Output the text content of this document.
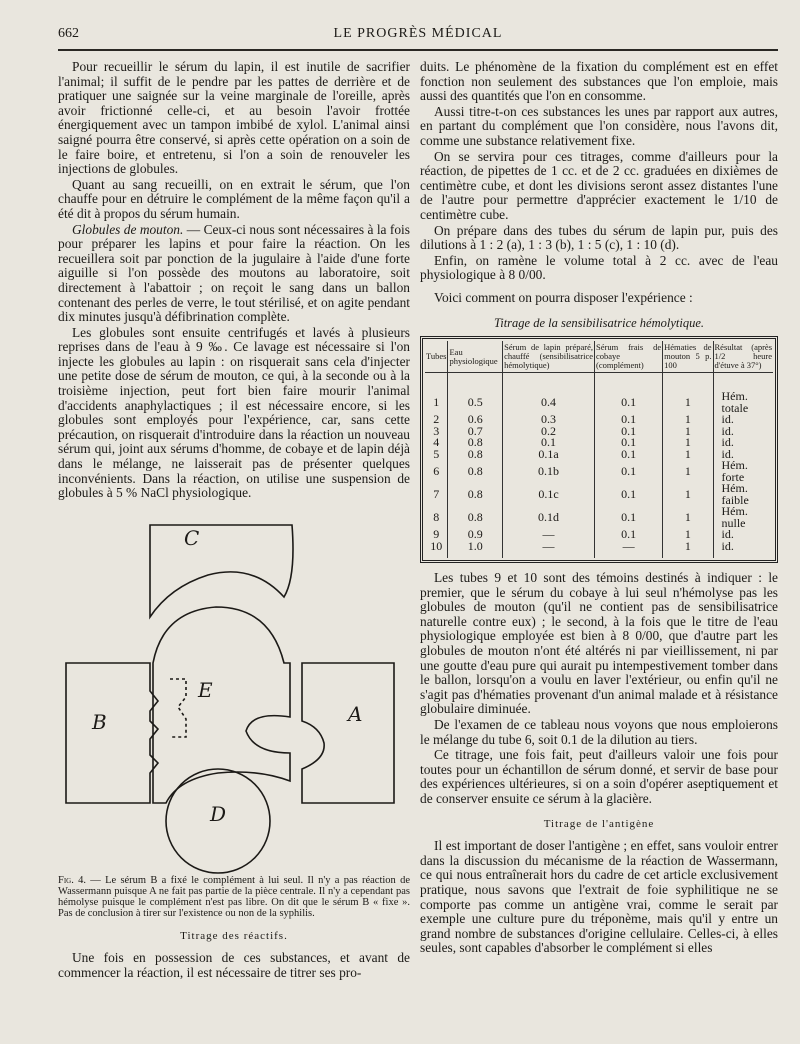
662	LE PROGRÈS MÉDICAL

Pour recueillir le sérum du lapin, il est inutile de sacrifier l'animal; il suffit de le pendre par les pattes de derrière et de pratiquer une saignée sur la veine marginale de l'oreille, après avoir frictionné celle-ci, et au besoin l'avoir frottée énergiquement avec un tampon imbibé de xylol. L'animal ainsi saigné pourra être conservé, si après cette opération on a soin de le faire boire, et entretenu, si l'on a soin de renouveler les injections de globules.

Quant au sang recueilli, on en extrait le sérum, que l'on chauffe pour en détruire le complément de la même façon qu'il a été dit à propos du sérum humain.

Globules de mouton. — Ceux-ci nous sont nécessaires à la fois pour préparer les lapins et pour faire la réaction. On les recueillera soit par ponction de la jugulaire à l'aide d'une forte aiguille si l'on possède des moutons au laboratoire, soit directement à l'abattoir ; on reçoit le sang dans un ballon contenant des perles de verre, le tout stérilisé, et on agite pendant dix minutes jusqu'à défibrination complète.

Les globules sont ensuite centrifugés et lavés à plusieurs reprises dans de l'eau à 9 ‰. Ce lavage est nécessaire si l'on injecte les globules au lapin : on risquerait sans cela d'injecter une petite dose de sérum de mouton, ce qui, à la seconde ou à la troisième injection, peut fort bien faire mourir l'animal d'accidents anaphylactiques ; il est nécessaire encore, si les globules sont employés pour l'expérience, car, sans cette précaution, on risquerait d'introduire dans la réaction un nouveau sérum qui, joint aux sérums d'homme, de cobaye et de lapin déjà dans le mélange, ne laisserait pas de présenter quelques inconvénients. Dans la réaction, on utilise une suspension de globules à 5 % NaCl physiologique.

C
E
B	A
D

Fig. 4. — Le sérum B a fixé le complément à lui seul. Il n'y a pas réaction de Wassermann puisque A ne fait pas partie de la pièce centrale. Il n'y a cependant pas hémolyse puisque le complément n'est pas libre. On dit que le sérum B « fixe ». Pas de conclusion à tirer sur l'existence ou non de la syphilis.

Titrage des réactifs.

Une fois en possession de ces substances, et avant de commencer la réaction, il est nécessaire de titrer ses pro-

duits. Le phénomène de la fixation du complément est en effet fonction non seulement des substances que l'on emploie, mais aussi des quantités que l'on en consomme.

Aussi titre-t-on ces substances les unes par rapport aux autres, en partant du complément que l'on considère, nous l'avons dit, comme une substance relativement fixe.

On se servira pour ces titrages, comme d'ailleurs pour la réaction, de pipettes de 1 cc. et de 2 cc. graduées en dixièmes de centimètre cube, et dont les divisions seront assez distantes l'une de l'autre pour permettre d'apprécier exactement le 1/10 de centimètre cube.

On prépare dans des tubes du sérum de lapin pur, puis des dilutions à 1 : 2 (a), 1 : 3 (b), 1 : 5 (c), 1 : 10 (d).

Enfin, on ramène le volume total à 2 cc. avec de l'eau physiologique à 8 0/00.

Voici comment on pourra disposer l'expérience :

Titrage de la sensibilisatrice hémolytique.
Tubes	Eau physiologique	Sérum de lapin préparé, chauffé (sensibilisatrice hémolytique)	Sérum frais de cobaye (complément)	Hématies de mouton 5 p. 100	Résultat (après 1/2 heure d'étuve à 37°)
1	0.5	0.4	0.1	1	Hém. totale
2	0.6	0.3	0.1	1	id.
3	0.7	0.2	0.1	1	id.
4	0.8	0.1	0.1	1	id.
5	0.8	0.1a	0.1	1	id.
6	0.8	0.1b	0.1	1	Hém. forte
7	0.8	0.1c	0.1	1	Hém. faible
8	0.8	0.1d	0.1	1	Hém. nulle
9	0.9	—	0.1	1	id.
10	1.0	—	—	1	id.

Les tubes 9 et 10 sont des témoins destinés à indiquer : le premier, que le sérum du cobaye à lui seul n'hémolyse pas les globules de mouton (qu'il ne contient pas de sensibilisatrice naturelle contre eux) ; le second, à la fois que le titre de l'eau physiologique employée est bien à 8 0/00, que d'autre part les globules de mouton n'ont été altérés ni par vieillissement, ni par une goutte d'eau pure qui aurait pu intempestivement tomber dans le ballon, lorsqu'on a voulu en laver l'extérieur, ou enfin qu'il ne s'agit pas d'hématies provenant d'un animal malade et à résistance globulaire diminuée.

De l'examen de ce tableau nous voyons que nous emploierons le mélange du tube 6, soit 0.1 de la dilution au tiers.

Ce titrage, une fois fait, peut d'ailleurs valoir une fois pour toutes pour un échantillon de sérum donné, et servir de base pour des expériences ultérieures, si on a soin d'opérer aseptiquement et de conserver ensuite ce sérum à la glacière.

Titrage de l'antigène

Il est important de doser l'antigène ; en effet, sans vouloir entrer dans la discussion du mécanisme de la réaction de Wassermann, ce qui nous entraînerait hors du cadre de cet article exclusivement pratique, nous savons que l'extrait de foie syphilitique ne se comporte pas comme un antigène vrai, comme le serait par exemple une culture pure du tréponème, mais qu'il y entre un grand nombre de substances d'origine cellulaire. Celles-ci, à elles seules, sont capables d'absorber le complément si elles
